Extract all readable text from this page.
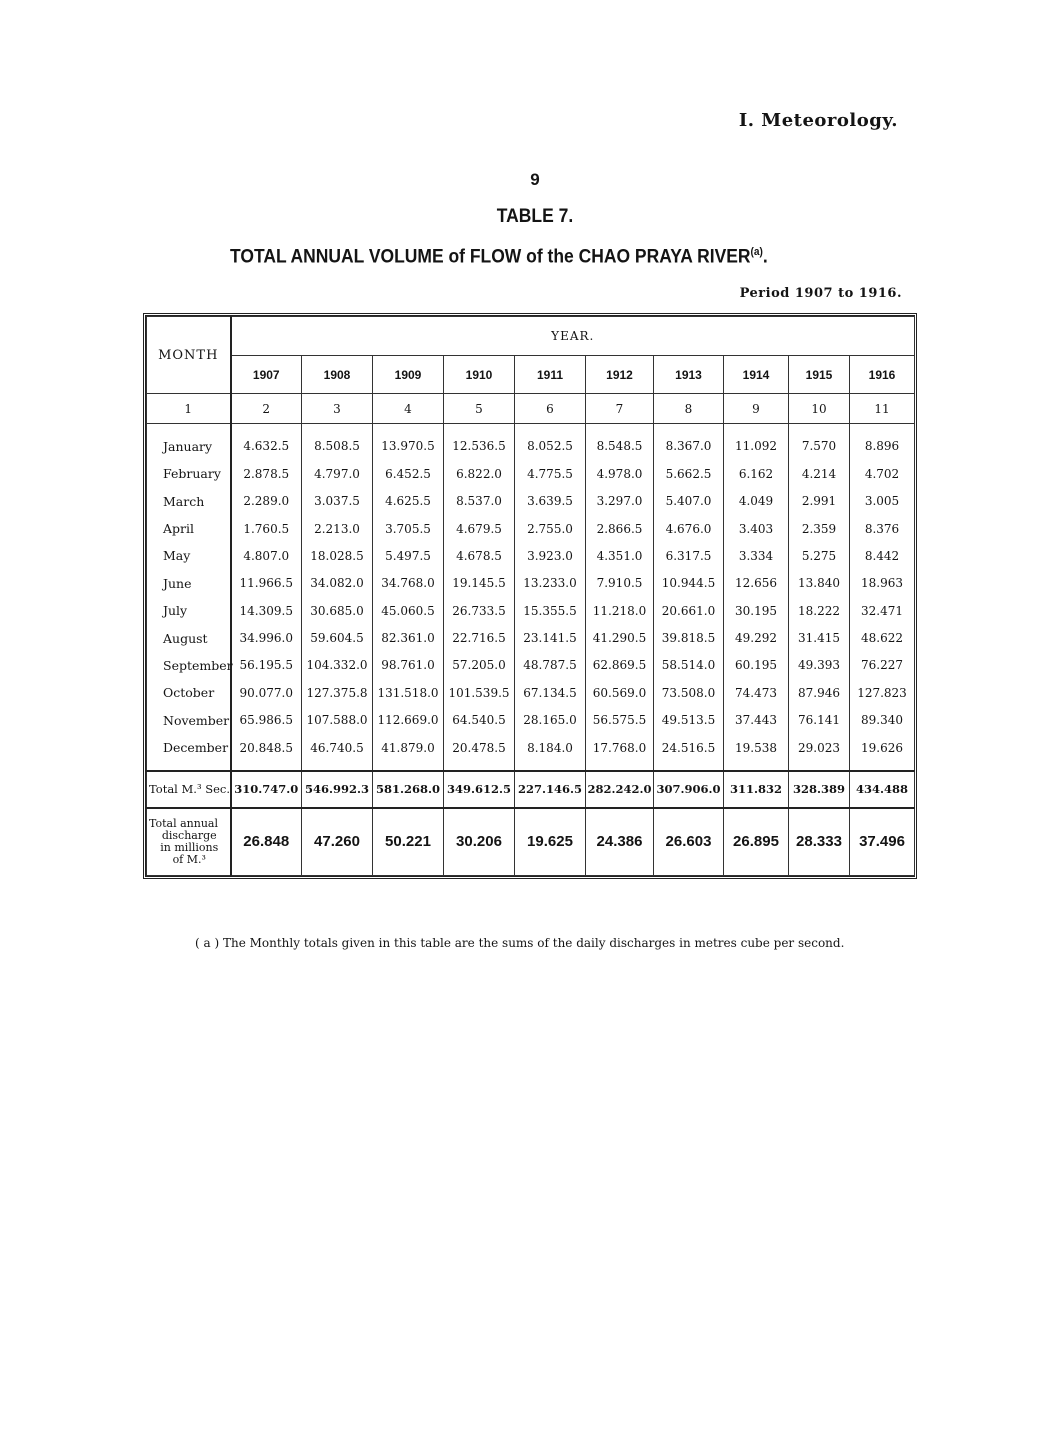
I. Meteorology.
9
TABLE 7.
TOTAL ANNUAL VOLUME of FLOW of the CHAO PRAYA RIVER$^{(a)}$.
Period 1907 to 1916.
MONTH	YEAR.									
	1907	1908	1909	1910	1911	1912	1913	1914	1915	1916
1	2	3	4	5	6	7	8	9	10	11
January	4.632.5	8.508.5	13.970.5	12.536.5	8.052.5	8.548.5	8.367.0	11.092	7.570	8.896
February	2.878.5	4.797.0	6.452.5	6.822.0	4.775.5	4.978.0	5.662.5	6.162	4.214	4.702
March	2.289.0	3.037.5	4.625.5	8.537.0	3.639.5	3.297.0	5.407.0	4.049	2.991	3.005
April	1.760.5	2.213.0	3.705.5	4.679.5	2.755.0	2.866.5	4.676.0	3.403	2.359	8.376
May	4.807.0	18.028.5	5.497.5	4.678.5	3.923.0	4.351.0	6.317.5	3.334	5.275	8.442
June	11.966.5	34.082.0	34.768.0	19.145.5	13.233.0	7.910.5	10.944.5	12.656	13.840	18.963
July	14.309.5	30.685.0	45.060.5	26.733.5	15.355.5	11.218.0	20.661.0	30.195	18.222	32.471
August	34.996.0	59.604.5	82.361.0	22.716.5	23.141.5	41.290.5	39.818.5	49.292	31.415	48.622
September	56.195.5	104.332.0	98.761.0	57.205.0	48.787.5	62.869.5	58.514.0	60.195	49.393	76.227
October	90.077.0	127.375.8	131.518.0	101.539.5	67.134.5	60.569.0	73.508.0	74.473	87.946	127.823
November	65.986.5	107.588.0	112.669.0	64.540.5	28.165.0	56.575.5	49.513.5	37.443	76.141	89.340
December	20.848.5	46.740.5	41.879.0	20.478.5	8.184.0	17.768.0	24.516.5	19.538	29.023	19.626

Total M.³ Sec.	310.747.0	546.992.3	581.268.0	349.612.5	227.146.5	282.242.0	307.906.0	311.832	328.389	434.488

Total annual
discharge
in millions
of M.³	26.848	47.260	50.221	30.206	19.625	24.386	26.603	26.895	28.333	37.496
( a ) The Monthly totals given in this table are the sums of the daily discharges in metres cube per second.
